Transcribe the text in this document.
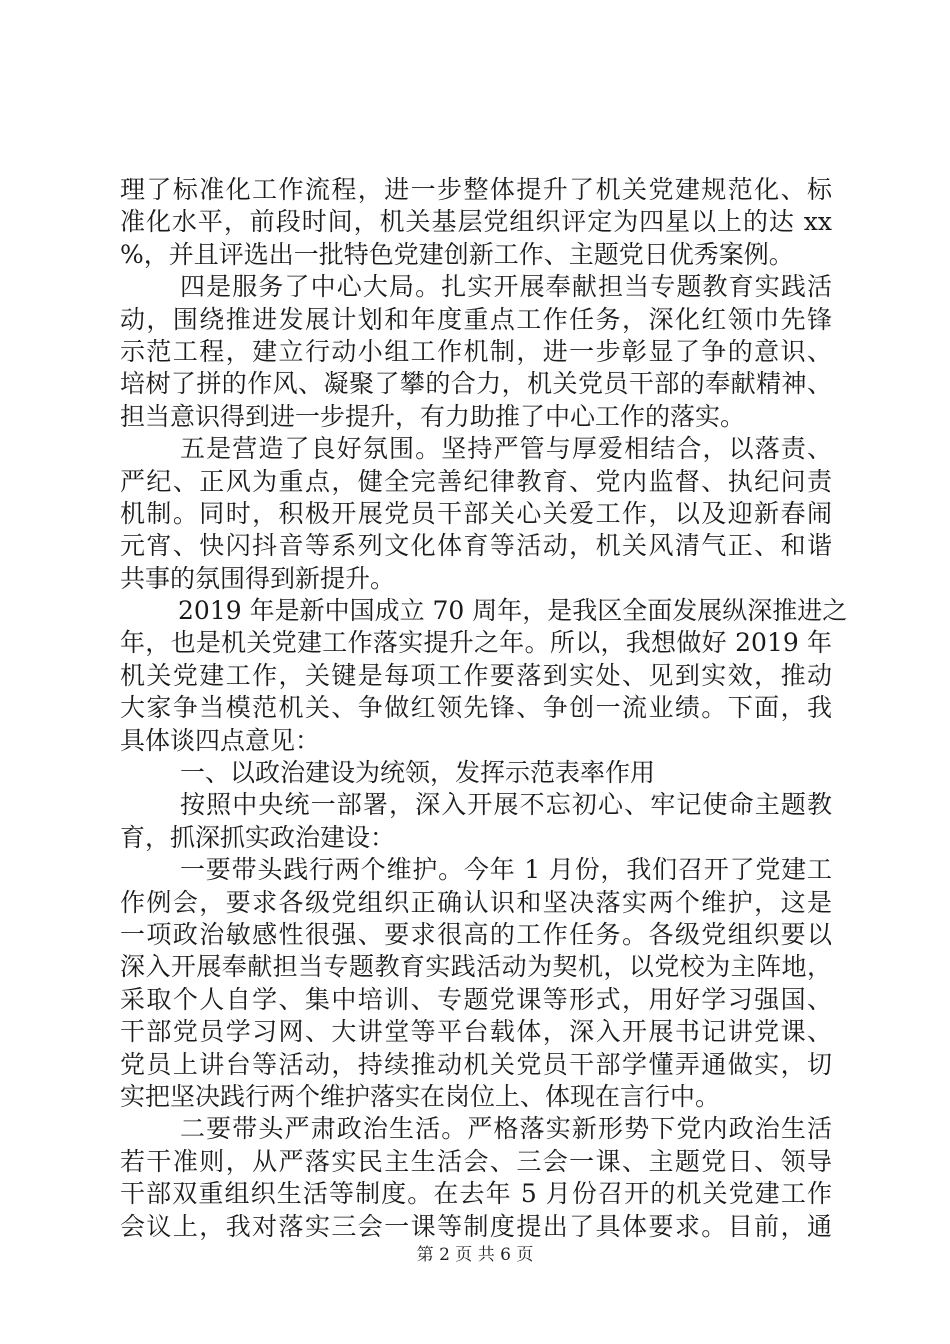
理了标准化工作流程，进一步整体提升了机关党建规范化、标
准化水平，前段时间，机关基层党组织评定为四星以上的达 xx
%，并且评选出一批特色党建创新工作、主题党日优秀案例。
四是服务了中心大局。扎实开展奉献担当专题教育实践活
动，围绕推进发展计划和年度重点工作任务，深化红领巾先锋
示范工程，建立行动小组工作机制，进一步彰显了争的意识、
培树了拼的作风、凝聚了攀的合力，机关党员干部的奉献精神、
担当意识得到进一步提升，有力助推了中心工作的落实。
五是营造了良好氛围。坚持严管与厚爱相结合，以落责、
严纪、正风为重点，健全完善纪律教育、党内监督、执纪问责
机制。同时，积极开展党员干部关心关爱工作，以及迎新春闹
元宵、快闪抖音等系列文化体育等活动，机关风清气正、和谐
共事的氛围得到新提升。
2019 年是新中国成立 70 周年，是我区全面发展纵深推进之
年，也是机关党建工作落实提升之年。所以，我想做好 2019 年
机关党建工作，关键是每项工作要落到实处、见到实效，推动
大家争当模范机关、争做红领先锋、争创一流业绩。下面，我
具体谈四点意见：
一、以政治建设为统领，发挥示范表率作用
按照中央统一部署，深入开展不忘初心、牢记使命主题教
育，抓深抓实政治建设：
一要带头践行两个维护。今年 1 月份，我们召开了党建工
作例会，要求各级党组织正确认识和坚决落实两个维护，这是
一项政治敏感性很强、要求很高的工作任务。各级党组织要以
深入开展奉献担当专题教育实践活动为契机，以党校为主阵地，
采取个人自学、集中培训、专题党课等形式，用好学习强国、
干部党员学习网、大讲堂等平台载体，深入开展书记讲党课、
党员上讲台等活动，持续推动机关党员干部学懂弄通做实，切
实把坚决践行两个维护落实在岗位上、体现在言行中。
二要带头严肃政治生活。严格落实新形势下党内政治生活
若干准则，从严落实民主生活会、三会一课、主题党日、领导
干部双重组织生活等制度。在去年 5 月份召开的机关党建工作
会议上，我对落实三会一课等制度提出了具体要求。目前，通
第 2 页 共 6 页
